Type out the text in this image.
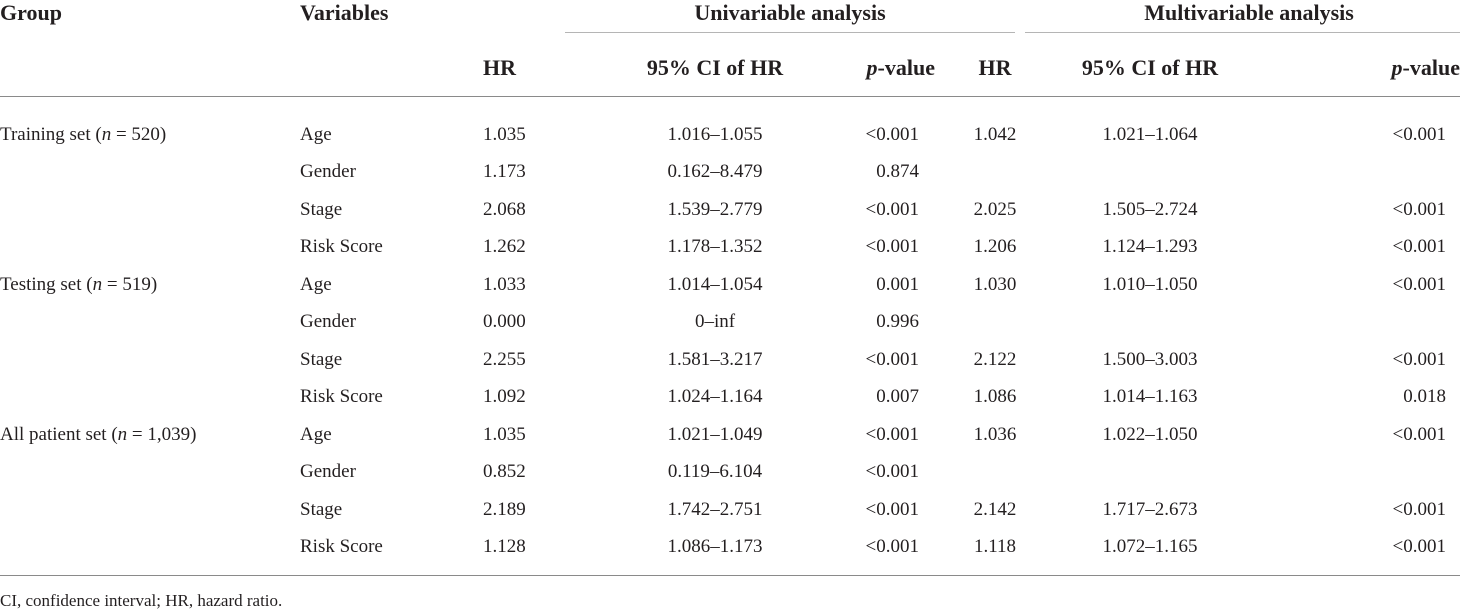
Group	Variables	Univariable analysis				Multivariable analysis	

		HR	95% CI of HR	p-value	HR	95% CI of HR	p-value

Training set (n = 520)	Age	1.035	1.016–1.055	<0.001	1.042	1.021–1.064	<0.001
	Gender	1.173	0.162–8.479	0.874			
	Stage	2.068	1.539–2.779	<0.001	2.025	1.505–2.724	<0.001
	Risk Score	1.262	1.178–1.352	<0.001	1.206	1.124–1.293	<0.001
Testing set (n = 519)	Age	1.033	1.014–1.054	0.001	1.030	1.010–1.050	<0.001
	Gender	0.000	0–inf	0.996			
	Stage	2.255	1.581–3.217	<0.001	2.122	1.500–3.003	<0.001
	Risk Score	1.092	1.024–1.164	0.007	1.086	1.014–1.163	0.018
All patient set (n = 1,039)	Age	1.035	1.021–1.049	<0.001	1.036	1.022–1.050	<0.001
	Gender	0.852	0.119–6.104	<0.001			
	Stage	2.189	1.742–2.751	<0.001	2.142	1.717–2.673	<0.001
	Risk Score	1.128	1.086–1.173	<0.001	1.118	1.072–1.165	<0.001

CI, confidence interval; HR, hazard ratio.
